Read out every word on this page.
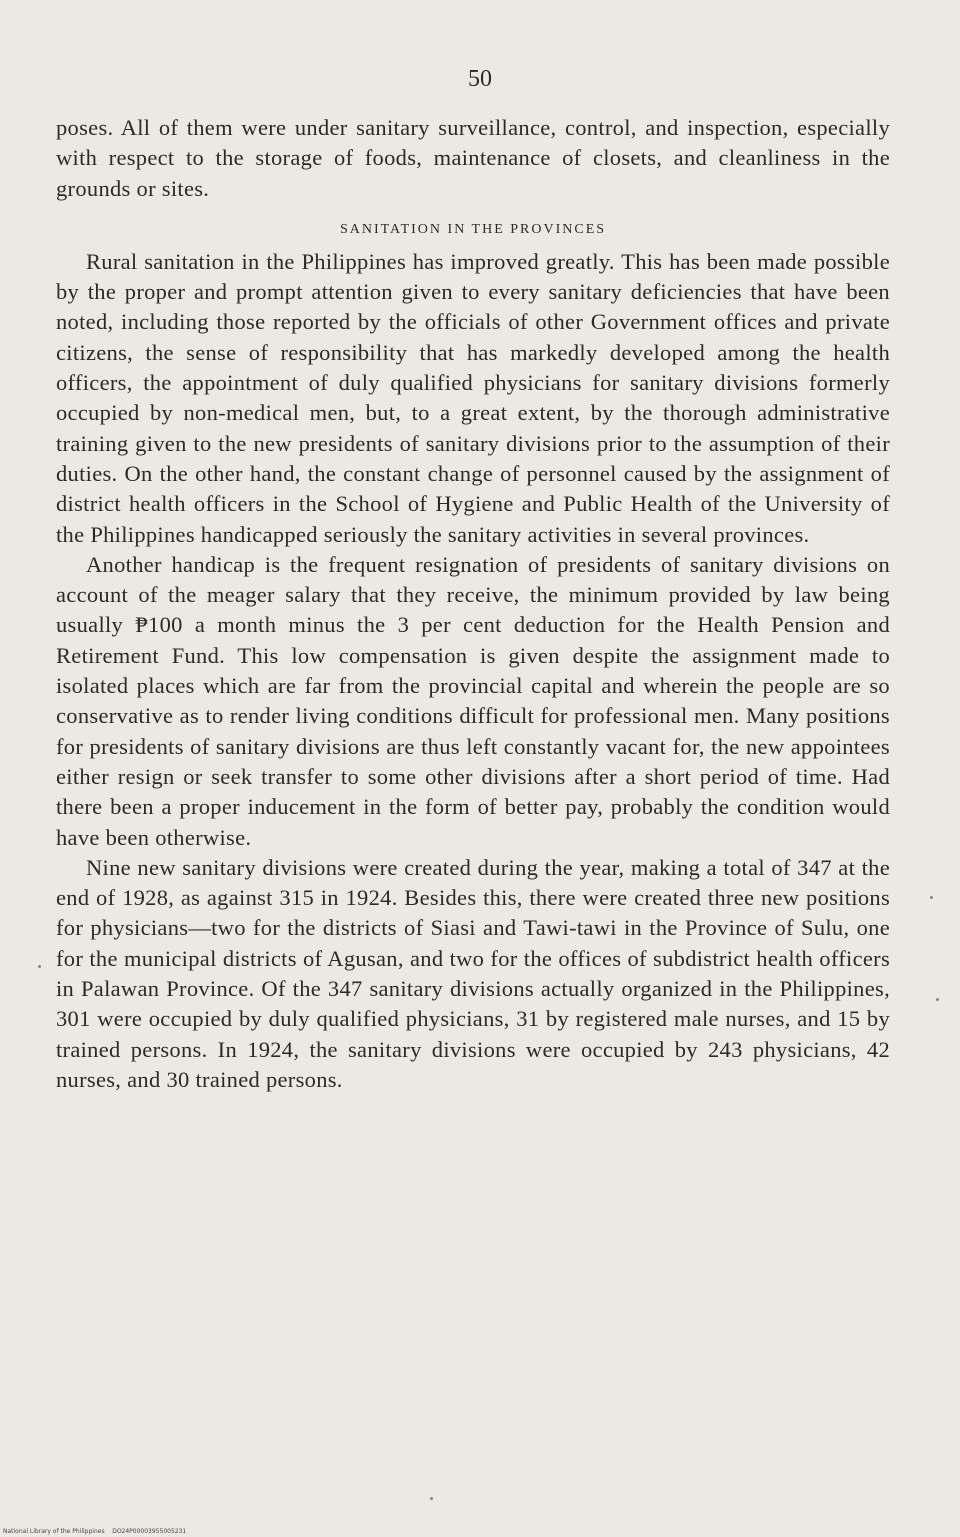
50

poses. All of them were under sanitary surveillance, control, and inspection, especially with respect to the storage of foods, maintenance of closets, and cleanliness in the grounds or sites.

SANITATION IN THE PROVINCES

Rural sanitation in the Philippines has improved greatly. This has been made possible by the proper and prompt attention given to every sanitary deficiencies that have been noted, including those reported by the officials of other Government offices and private citizens, the sense of responsibility that has markedly developed among the health officers, the appointment of duly qualified physicians for sanitary divisions formerly occupied by non-medical men, but, to a great extent, by the thorough administrative training given to the new presidents of sanitary divisions prior to the assumption of their duties. On the other hand, the constant change of personnel caused by the assignment of district health officers in the School of Hygiene and Public Health of the University of the Philippines handicapped seriously the sanitary activities in several provinces.

Another handicap is the frequent resignation of presidents of sanitary divisions on account of the meager salary that they receive, the minimum provided by law being usually ₱100 a month minus the 3 per cent deduction for the Health Pension and Retirement Fund. This low compensation is given despite the assignment made to isolated places which are far from the provincial capital and wherein the people are so conservative as to render living conditions difficult for professional men. Many positions for presidents of sanitary divisions are thus left constantly vacant for, the new appointees either resign or seek transfer to some other divisions after a short period of time. Had there been a proper inducement in the form of better pay, probably the condition would have been otherwise.

Nine new sanitary divisions were created during the year, making a total of 347 at the end of 1928, as against 315 in 1924. Besides this, there were created three new positions for physicians—two for the districts of Siasi and Tawi-tawi in the Province of Sulu, one for the municipal districts of Agusan, and two for the offices of subdistrict health officers in Palawan Province. Of the 347 sanitary divisions actually organized in the Philippines, 301 were occupied by duly qualified physicians, 31 by registered male nurses, and 15 by trained persons. In 1924, the sanitary divisions were occupied by 243 physicians, 42 nurses, and 30 trained persons.

National Library of the Philippines    DO24P00003955005231
